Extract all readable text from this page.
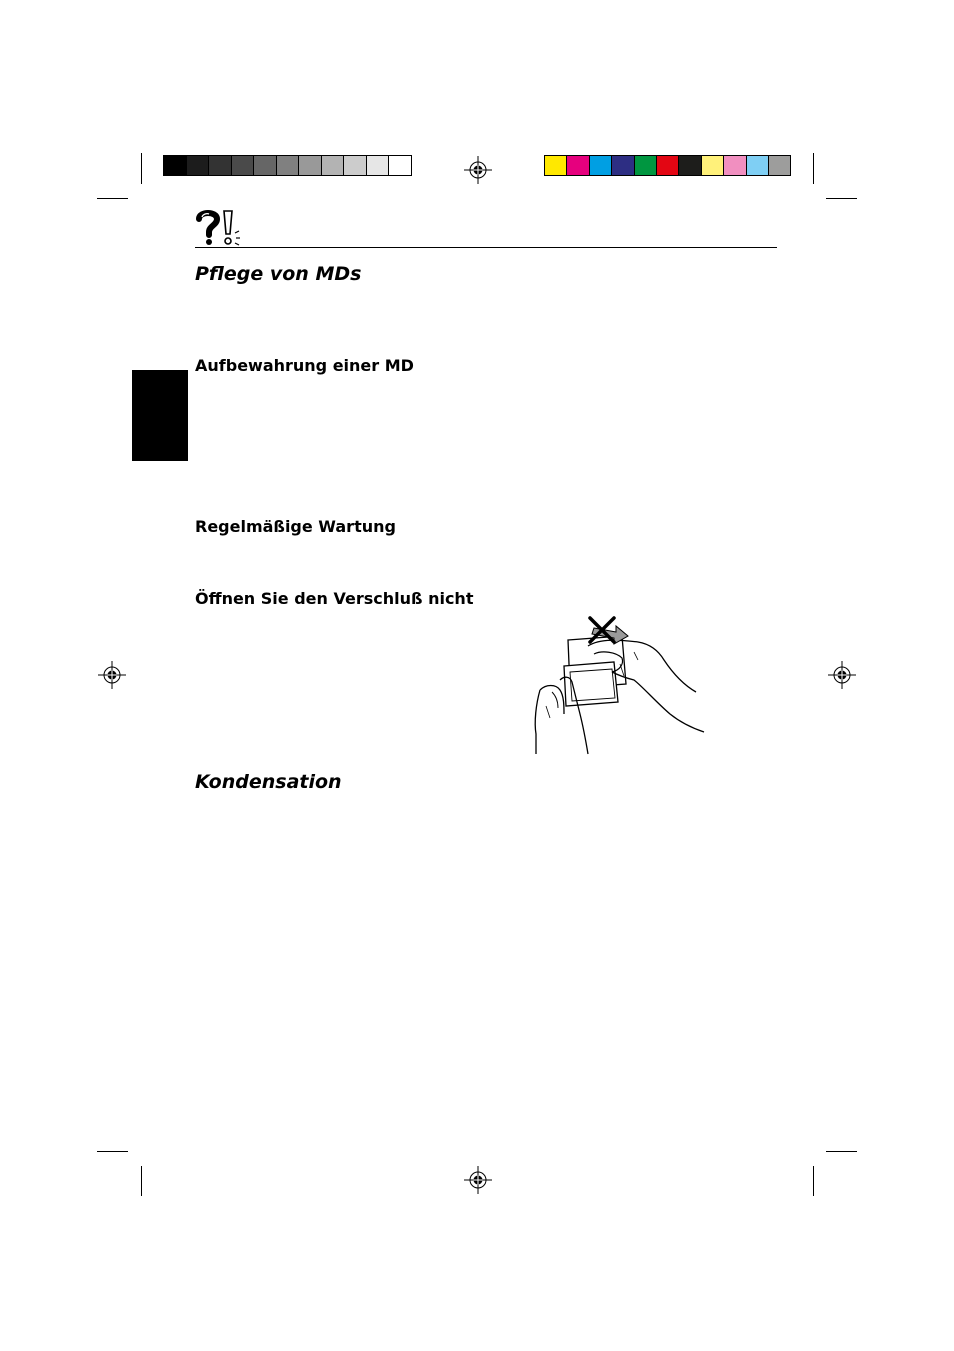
Pflege von MDs
Aufbewahrung einer MD
Regelmäßige Wartung
Öffnen Sie den Verschluß nicht
Kondensation
